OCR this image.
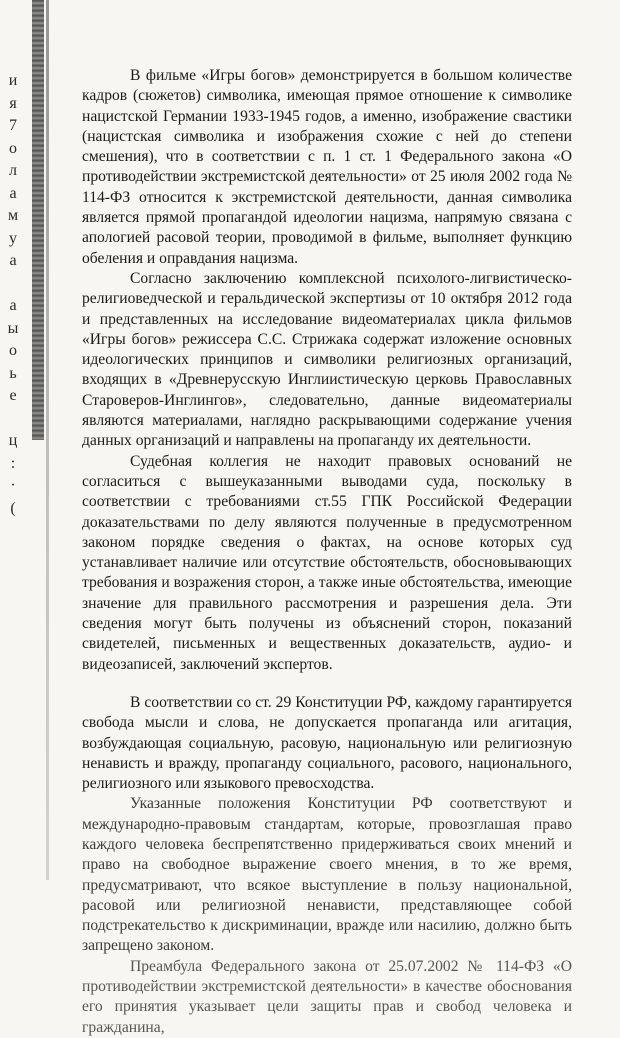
и
я
7
о
л
а
м
у
а

а
ы
о
ь
е

ц
:
·
(

В фильме «Игры богов» демонстрируется в большом количестве кадров (сюжетов) символика, имеющая прямое отношение к символике нацистской Германии 1933-1945 годов, а именно, изображение свастики (нацистская символика и изображения схожие с ней до степени смешения), что в соответствии с п. 1 ст. 1 Федерального закона «О противодействии экстремистской деятельности» от 25 июля 2002 года № 114-ФЗ относится к экстремистской деятельности, данная символика является прямой пропагандой идеологии нацизма, напрямую связана с апологией расовой теории, проводимой в фильме, выполняет функцию обеления и оправдания нацизма.

Согласно заключению комплексной психолого-лигвистическо-религиоведческой и геральдической экспертизы от 10 октября 2012 года и представленных на исследование видеоматериалах цикла фильмов «Игры богов» режиссера С.С. Стрижака содержат изложение основных идеологических принципов и символики религиозных организаций, входящих в «Древнерусскую Инглиистическую церковь Православных Староверов-Инглингов», следовательно, данные видеоматериалы являются материалами, наглядно раскрывающими содержание учения данных организаций и направлены на пропаганду их деятельности.

Судебная коллегия не находит правовых оснований не согласиться с вышеуказанными выводами суда, поскольку в соответствии с требованиями ст.55 ГПК Российской Федерации доказательствами по делу являются полученные в предусмотренном законом порядке сведения о фактах, на основе которых суд устанавливает наличие или отсутствие обстоятельств, обосновывающих требования и возражения сторон, а также иные обстоятельства, имеющие значение для правильного рассмотрения и разрешения дела. Эти сведения могут быть получены из объяснений сторон, показаний свидетелей, письменных и вещественных доказательств, аудио- и видеозаписей, заключений экспертов.

В соответствии со ст. 29 Конституции РФ, каждому гарантируется свобода мысли и слова, не допускается пропаганда или агитация, возбуждающая социальную, расовую, национальную или религиозную ненависть и вражду, пропаганду социального, расового, национального, религиозного или языкового превосходства.

Указанные положения Конституции РФ соответствуют и международно-правовым стандартам, которые, провозглашая право каждого человека беспрепятственно придерживаться своих мнений и право на свободное выражение своего мнения, в то же время, предусматривают, что всякое выступление в пользу национальной, расовой или религиозной ненависти, представляющее собой подстрекательство к дискриминации, вражде или насилию, должно быть запрещено законом.

Преамбула Федерального закона от 25.07.2002 № 114-ФЗ «О противодействии экстремистской деятельности» в качестве обоснования его принятия указывает цели защиты прав и свобод человека и гражданина,
